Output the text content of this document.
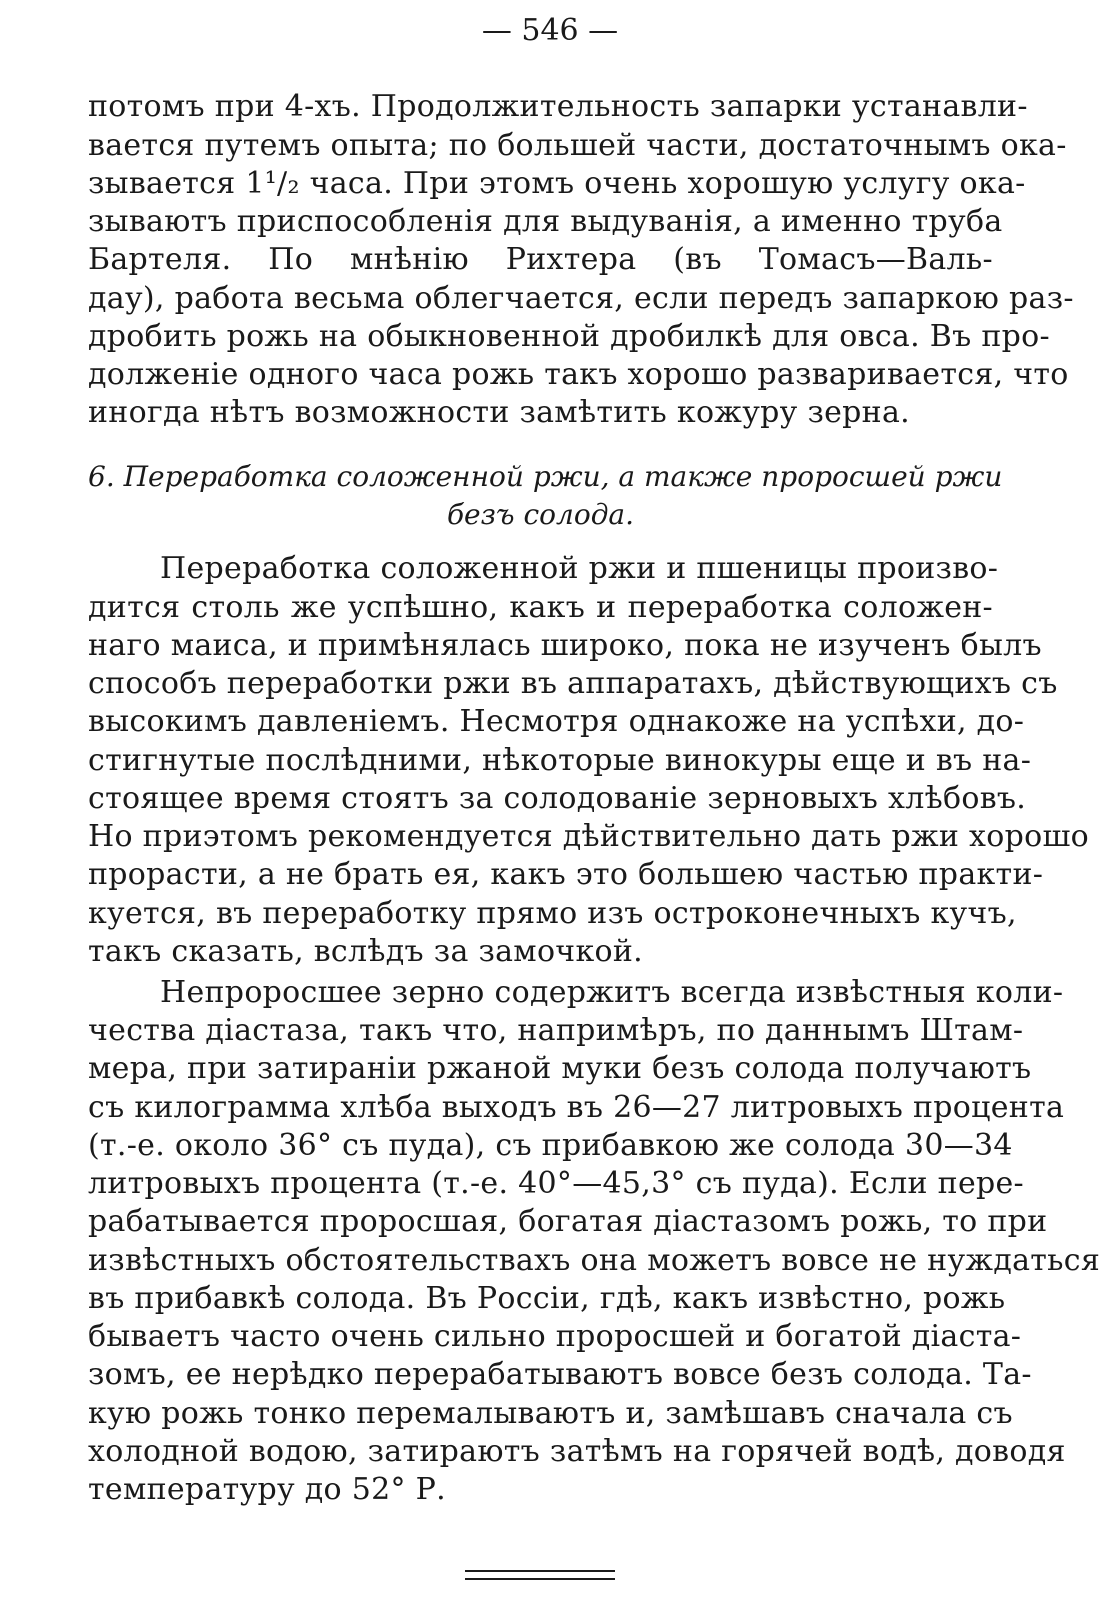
— 546 —
потомъ при 4-хъ. Продолжительность запарки устанавли-
вается путемъ опыта; по большей части, достаточнымъ ока-
зывается 1¹/₂ часа. При этомъ очень хорошую услугу ока-
зываютъ приспособленія для выдуванія, а именно труба
Бартеля. По мнѣнію Рихтера (въ Томасъ—Валь-
дау), работа весьма облегчается, если передъ запаркою раз-
дробить рожь на обыкновенной дробилкѣ для овса. Въ про-
долженіе одного часа рожь такъ хорошо разваривается, что
иногда нѣтъ возможности замѣтить кожуру зерна.
6. Переработка соложенной ржи, а также проросшей ржи
безъ солода.
Переработка соложенной ржи и пшеницы произво-
дится столь же успѣшно, какъ и переработка соложен-
наго маиса, и примѣнялась широко, пока не изученъ былъ
способъ переработки ржи въ аппаратахъ, дѣйствующихъ съ
высокимъ давленіемъ. Несмотря однакоже на успѣхи, до-
стигнутые послѣдними, нѣкоторые винокуры еще и въ на-
стоящее время стоятъ за солодованіе зерновыхъ хлѣбовъ.
Но приэтомъ рекомендуется дѣйствительно дать ржи хорошо
прорасти, а не брать ея, какъ это большею частью практи-
куется, въ переработку прямо изъ остроконечныхъ кучъ,
такъ сказать, вслѣдъ за замочкой.
Непроросшее зерно содержитъ всегда извѣстныя коли-
чества діастаза, такъ что, напримѣръ, по даннымъ Штам-
мера, при затираніи ржаной муки безъ солода получаютъ
съ килограмма хлѣба выходъ въ 26—27 литровыхъ процента
(т.-е. около 36° съ пуда), съ прибавкою же солода 30—34
литровыхъ процента (т.-е. 40°—45,3° съ пуда). Если пере-
рабатывается проросшая, богатая діастазомъ рожь, то при
извѣстныхъ обстоятельствахъ она можетъ вовсе не нуждаться
въ прибавкѣ солода. Въ Россіи, гдѣ, какъ извѣстно, рожь
бываетъ часто очень сильно проросшей и богатой діаста-
зомъ, ее нерѣдко перерабатываютъ вовсе безъ солода. Та-
кую рожь тонко перемалываютъ и, замѣшавъ сначала съ
холодной водою, затираютъ затѣмъ на горячей водѣ, доводя
температуру до 52° Р.
